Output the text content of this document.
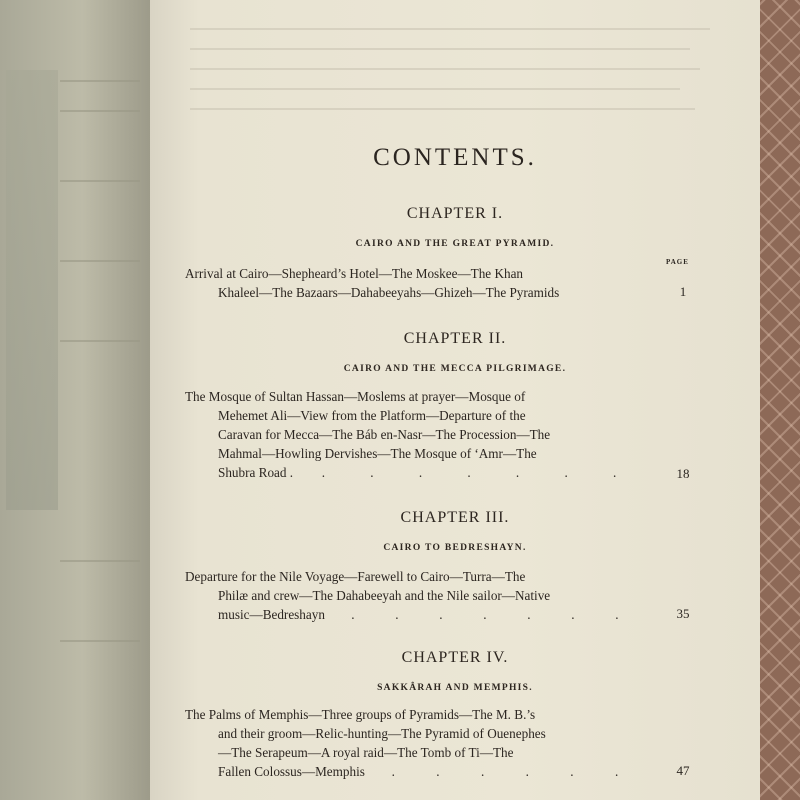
CONTENTS.
CHAPTER I.
CAIRO AND THE GREAT PYRAMID.
PAGE
Arrival at Cairo—Shepheard’s Hotel—The Moskee—The Khan
Khaleel—The Bazaars—Dahabeeyahs—Ghizeh—The Pyramids	1
CHAPTER II.
CAIRO AND THE MECCA PILGRIMAGE.
The Mosque of Sultan Hassan—Moslems at prayer—Mosque of
Mehemet Ali—View from the Platform—Departure of the
Caravan for Mecca—The Báb en-Nasr—The Procession—The
Mahmal—Howling Dervishes—The Mosque of ‘Amr—The
Shubra Road . .	.	.	.	.	.	.	18
CHAPTER III.
CAIRO TO BEDRESHAYN.
Departure for the Nile Voyage—Farewell to Cairo—Turra—The
Philæ and crew—The Dahabeeyah and the Nile sailor—Native
music—Bedreshayn .	.	.	.	.	.	.	35
CHAPTER IV.
SAKKÂRAH AND MEMPHIS.
The Palms of Memphis—Three groups of Pyramids—The M. B.’s
and their groom—Relic-hunting—The Pyramid of Ouenephes
—The Serapeum—A royal raid—The Tomb of Ti—The
Fallen Colossus—Memphis .	.	.	.	.	.	47
